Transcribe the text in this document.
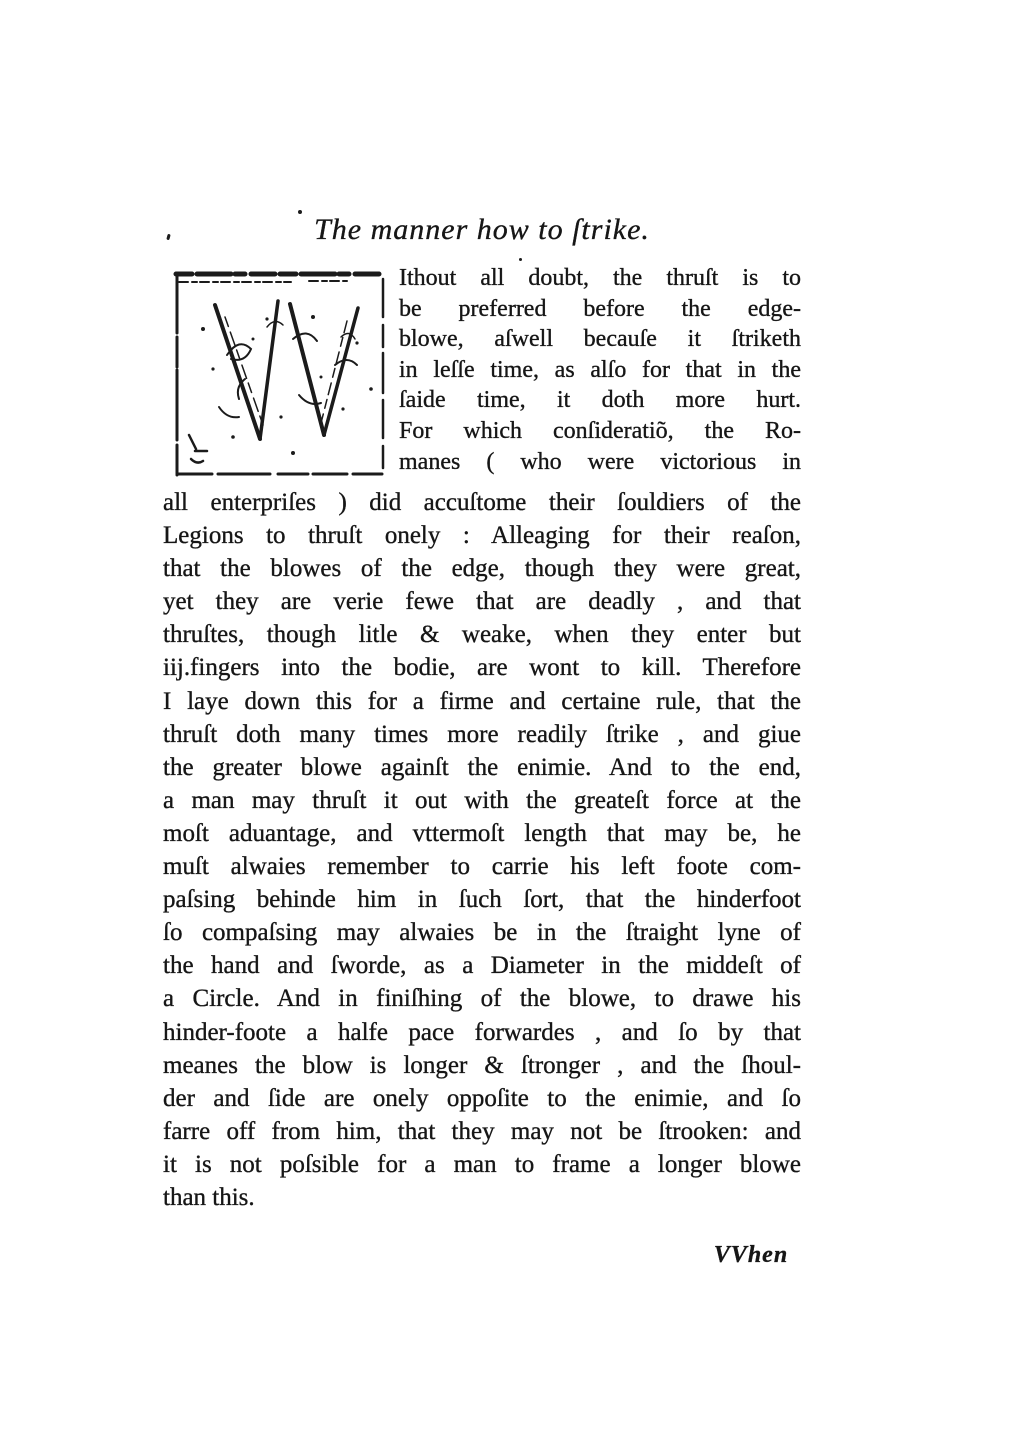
The manner how to ſtrike.
Ithout all doubt, the thruſt is to
be preferred before the edge-
blowe, aſwell becauſe it ſtriketh
in leſſe time, as alſo for that in the
ſaide time, it doth more hurt.
For which conſideratiõ, the Ro-
manes ( who were victorious in
all enterpriſes ) did accuſtome their ſouldiers of the
Legions to thruſt onely : Alleaging for their reaſon,
that the blowes of the edge, though they were great,
yet they are verie fewe that are deadly , and that
thruſtes, though litle & weake, when they enter but
iij.fingers into the bodie, are wont to kill. Therefore
I laye down this for a firme and certaine rule, that the
thruſt doth many times more readily ſtrike , and giue
the greater blowe againſt the enimie. And to the end,
a man may thruſt it out with the greateſt force at the
moſt aduantage, and vttermoſt length that may be, he
muſt alwaies remember to carrie his left foote com-
paſsing behinde him in ſuch ſort, that the hinderfoot
ſo compaſsing may alwaies be in the ſtraight lyne of
the hand and ſworde, as a Diameter in the middeſt of
a Circle. And in finiſhing of the blowe, to drawe his
hinder-foote a halfe pace forwardes , and ſo by that
meanes the blow is longer & ſtronger , and the ſhoul-
der and ſide are onely oppoſite to the enimie, and ſo
farre off from him, that they may not be ſtrooken: and
it is not poſsible for a man to frame a longer blowe
than this.
VVhen
